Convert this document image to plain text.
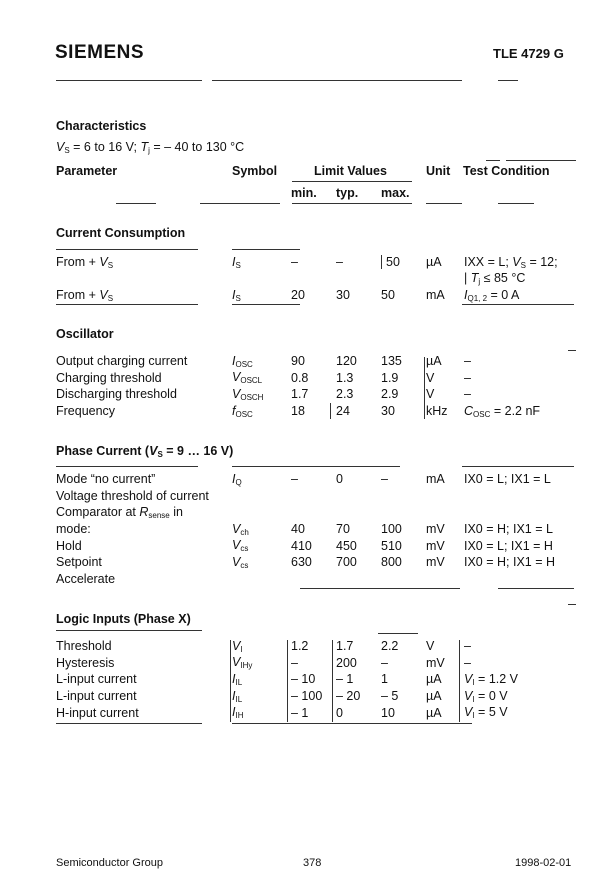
SIEMENS	TLE 4729 G
Characteristics
$V_S = 6$ to 16 V; $T_j$ = – 40 to 130 °C
Parameter	Symbol	Limit Values	Unit Test Condition
min. typ. max.
Current Consumption
From + $V_S$	$I_S$	–	–	50	µA	IXX = L; $V_S = 12$;
						| $T_j \le 85$ °C
From + $V_S$	$I_S$	20	30	50	mA	$I_{Q1, 2} = 0$ A
Oscillator
Output charging current	$I_{OSC}$	90	120	135	µA	–
Charging threshold	$V_{OSCL}$	0.8	1.3	1.9	V	–
Discharging threshold	$V_{OSCH}$	1.7	2.3	2.9	V	–
Frequency	$f_{OSC}$	18	24	30	kHz	$C_{OSC} = 2.2$ nF
Phase Current ($V_S = 9$ … 16 V)
Mode “no current”	$I_Q$	–	0	–	mA	IX0 = L; IX1 = L
Voltage threshold of current						
Comparator at $R_{sense}$ in						
mode:	$V_{ch}$	40	70	100	mV	IX0 = H; IX1 = L
Hold	$V_{cs}$	410	450	510	mV	IX0 = L; IX1 = H
Setpoint	$V_{cs}$	630	700	800	mV	IX0 = H; IX1 = H
Accelerate						
Logic Inputs (Phase X)
Threshold	$V_I$	1.2	1.7	2.2	V	–
Hysteresis	$V_{IHy}$	–	200	–	mV	–
L-input current	$I_{IL}$	– 10	– 1	1	µA	$V_I = 1.2$ V
L-input current	$I_{IL}$	– 100	– 20	– 5	µA	$V_I = 0$ V
H-input current	$I_{IH}$	– 1	0	10	µA	$V_I = 5$ V
Semiconductor Group	378	1998-02-01
